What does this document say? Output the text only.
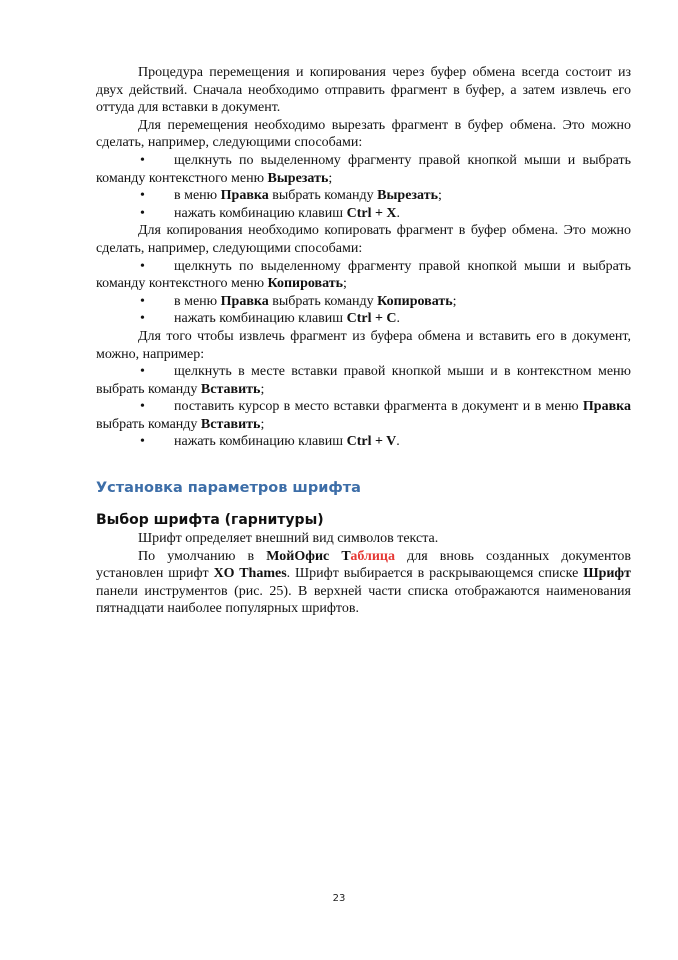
Процедура перемещения и копирования через буфер обмена всегда состоит из двух действий. Сначала необходимо отправить фрагмент в буфер, а затем извлечь его оттуда для вставки в документ.

Для перемещения необходимо вырезать фрагмент в буфер обмена. Это можно сделать, например, следующими способами:

• щелкнуть по выделенному фрагменту правой кнопкой мыши и выбрать команду контекстного меню Вырезать;

• в меню Правка выбрать команду Вырезать;

• нажать комбинацию клавиш Ctrl + X.

Для копирования необходимо копировать фрагмент в буфер обмена. Это можно сделать, например, следующими способами:

• щелкнуть по выделенному фрагменту правой кнопкой мыши и выбрать команду контекстного меню Копировать;

• в меню Правка выбрать команду Копировать;

• нажать комбинацию клавиш Ctrl + C.

Для того чтобы извлечь фрагмент из буфера обмена и вставить его в документ, можно, например:

• щелкнуть в месте вставки правой кнопкой мыши и в контекстном меню выбрать команду Вставить;

• поставить курсор в место вставки фрагмента в документ и в меню Правка выбрать команду Вставить;

• нажать комбинацию клавиш Ctrl + V.

Установка параметров шрифта
Выбор шрифта (гарнитуры)

Шрифт определяет внешний вид символов текста.

По умолчанию в МойОфис Таблица для вновь созданных документов установлен шрифт XO Thames. Шрифт выбирается в раскрывающемся списке Шрифт панели инструментов (рис. 25). В верхней части списка отображаются наименования пятнадцати наиболее популярных шрифтов.

23
